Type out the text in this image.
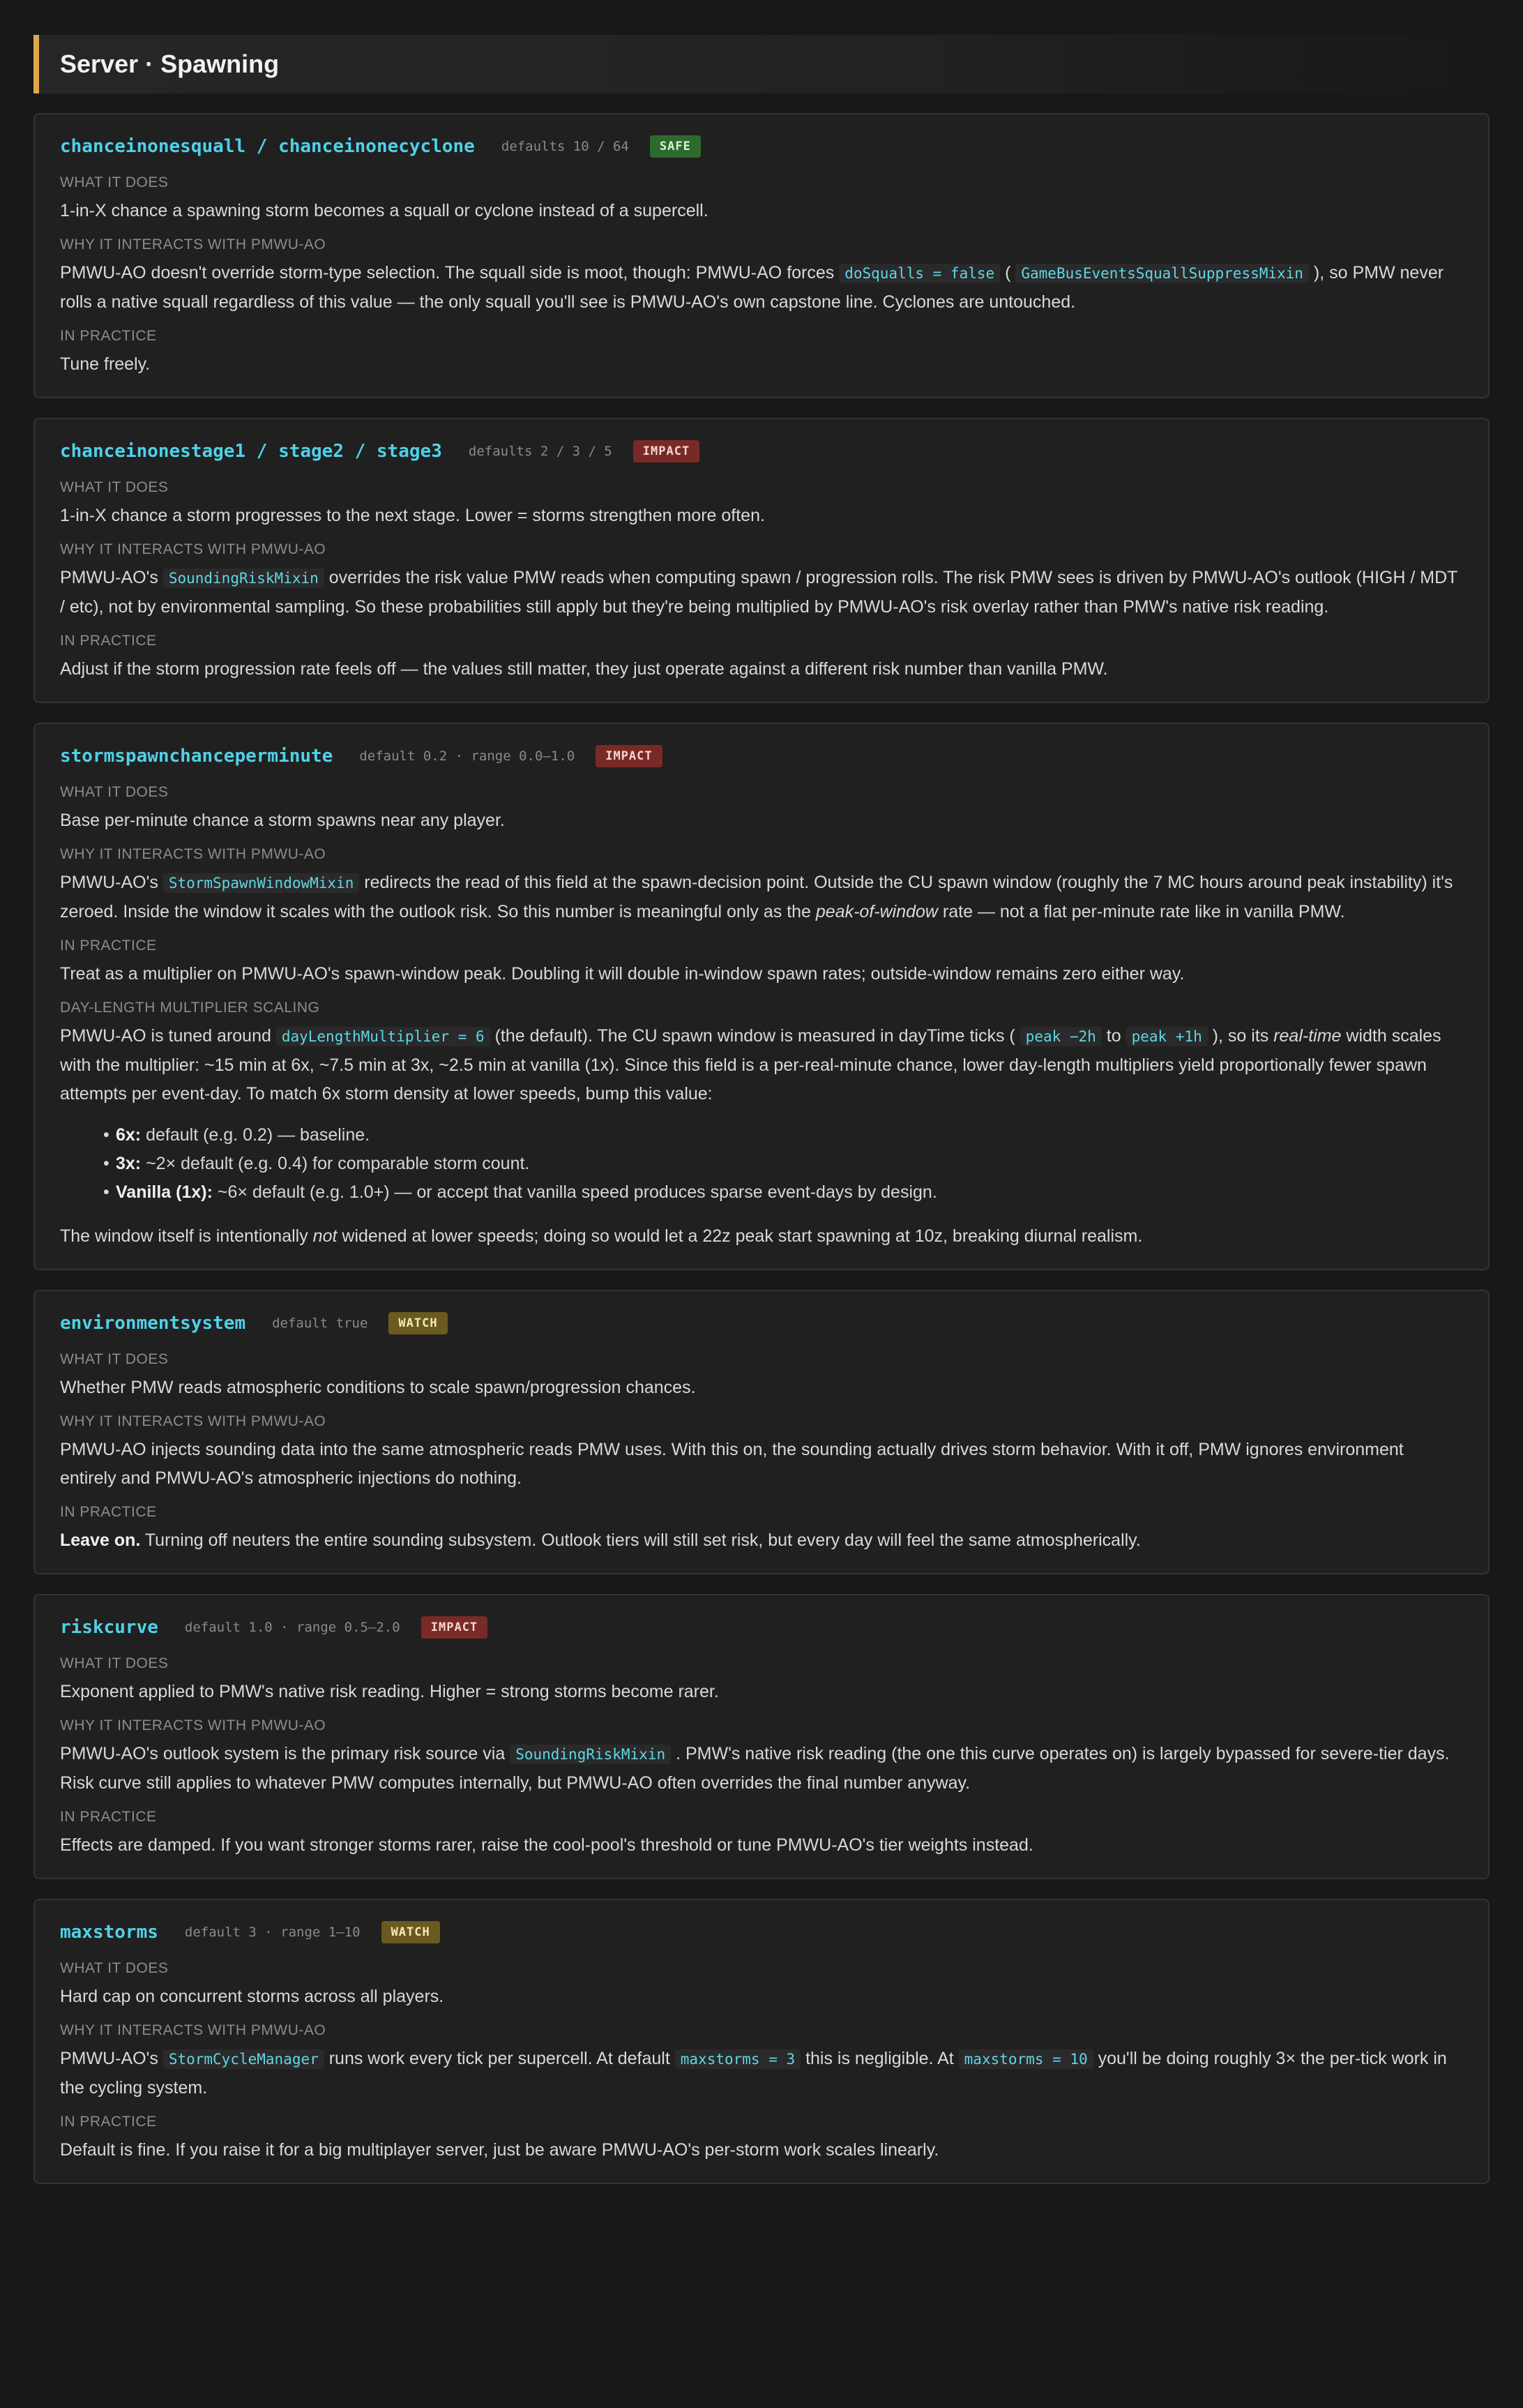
Server · Spawning
chanceinonesquall / chanceinonecyclone defaults 10 / 64	SAFE
WHAT IT DOES
1-in-X chance a spawning storm becomes a squall or cyclone instead of a supercell.
WHY IT INTERACTS WITH PMWU-AO
PMWU-AO doesn't override storm-type selection. The squall side is moot, though: PMWU-AO forces doSqualls = false ( GameBusEventsSquallSuppressMixin ), so PMW never rolls a native squall regardless of this value — the only squall you'll see is PMWU-AO's own capstone line. Cyclones are untouched.
IN PRACTICE
Tune freely.
chanceinonestage1 / stage2 / stage3 defaults 2 / 3 / 5	IMPACT
WHAT IT DOES
1-in-X chance a storm progresses to the next stage. Lower = storms strengthen more often.
WHY IT INTERACTS WITH PMWU-AO
PMWU-AO's SoundingRiskMixin overrides the risk value PMW reads when computing spawn / progression rolls. The risk PMW sees is driven by PMWU-AO's outlook (HIGH / MDT / etc), not by environmental sampling. So these probabilities still apply but they're being multiplied by PMWU-AO's risk overlay rather than PMW's native risk reading.
IN PRACTICE
Adjust if the storm progression rate feels off — the values still matter, they just operate against a different risk number than vanilla PMW.
stormspawnchanceperminute default 0.2 · range 0.0–1.0	IMPACT
WHAT IT DOES
Base per-minute chance a storm spawns near any player.
WHY IT INTERACTS WITH PMWU-AO
PMWU-AO's StormSpawnWindowMixin redirects the read of this field at the spawn-decision point. Outside the CU spawn window (roughly the 7 MC hours around peak instability) it's zeroed. Inside the window it scales with the outlook risk. So this number is meaningful only as the peak-of-window rate — not a flat per-minute rate like in vanilla PMW.
IN PRACTICE
Treat as a multiplier on PMWU-AO's spawn-window peak. Doubling it will double in-window spawn rates; outside-window remains zero either way.
DAY-LENGTH MULTIPLIER SCALING
PMWU-AO is tuned around dayLengthMultiplier = 6 (the default). The CU spawn window is measured in dayTime ticks ( peak −2h to peak +1h ), so its real-time width scales with the multiplier: ~15 min at 6x, ~7.5 min at 3x, ~2.5 min at vanilla (1x). Since this field is a per-real-minute chance, lower day-length multipliers yield proportionally fewer spawn attempts per event-day. To match 6x storm density at lower speeds, bump this value:
• 6x: default (e.g. 0.2) — baseline.
• 3x: ~2× default (e.g. 0.4) for comparable storm count.
• Vanilla (1x): ~6× default (e.g. 1.0+) — or accept that vanilla speed produces sparse event-days by design.
The window itself is intentionally not widened at lower speeds; doing so would let a 22z peak start spawning at 10z, breaking diurnal realism.
environmentsystem default true	WATCH
WHAT IT DOES
Whether PMW reads atmospheric conditions to scale spawn/progression chances.
WHY IT INTERACTS WITH PMWU-AO
PMWU-AO injects sounding data into the same atmospheric reads PMW uses. With this on, the sounding actually drives storm behavior. With it off, PMW ignores environment entirely and PMWU-AO's atmospheric injections do nothing.
IN PRACTICE
Leave on. Turning off neuters the entire sounding subsystem. Outlook tiers will still set risk, but every day will feel the same atmospherically.
riskcurve default 1.0 · range 0.5–2.0	IMPACT
WHAT IT DOES
Exponent applied to PMW's native risk reading. Higher = strong storms become rarer.
WHY IT INTERACTS WITH PMWU-AO
PMWU-AO's outlook system is the primary risk source via SoundingRiskMixin . PMW's native risk reading (the one this curve operates on) is largely bypassed for severe-tier days. Risk curve still applies to whatever PMW computes internally, but PMWU-AO often overrides the final number anyway.
IN PRACTICE
Effects are damped. If you want stronger storms rarer, raise the cool-pool's threshold or tune PMWU-AO's tier weights instead.
maxstorms default 3 · range 1–10	WATCH
WHAT IT DOES
Hard cap on concurrent storms across all players.
WHY IT INTERACTS WITH PMWU-AO
PMWU-AO's StormCycleManager runs work every tick per supercell. At default maxstorms = 3 this is negligible. At maxstorms = 10 you'll be doing roughly 3× the per-tick work in the cycling system.
IN PRACTICE
Default is fine. If you raise it for a big multiplayer server, just be aware PMWU-AO's per-storm work scales linearly.
